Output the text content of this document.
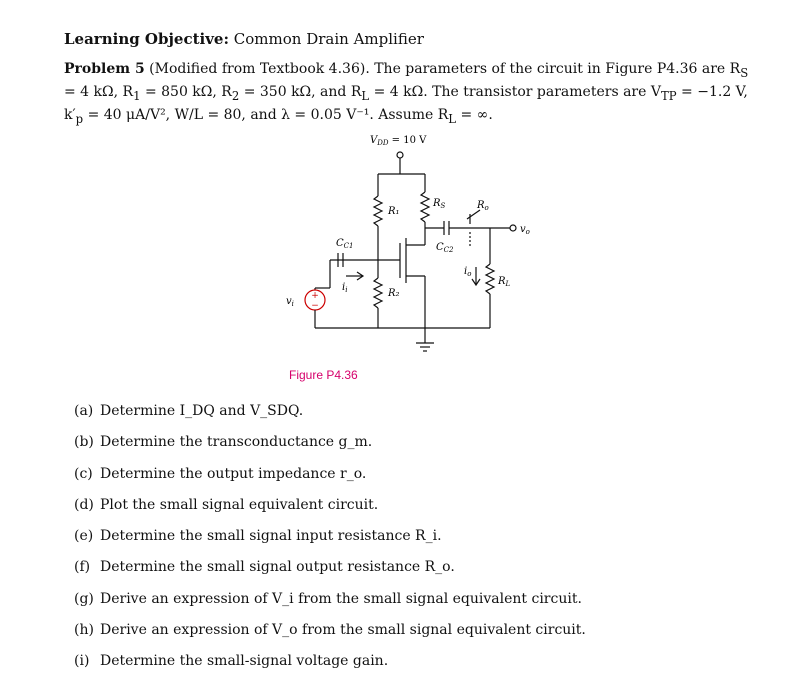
Learning Objective: Common Drain Amplifier
Problem 5 (Modified from Textbook 4.36). The parameters of the circuit in Figure P4.36 are $R_S = 4$ kΩ, $R_1 = 850$ kΩ, $R_2 = 350$ kΩ, and $R_L = 4$ kΩ. The transistor parameters are $V_{TP} = -1.2$ V, $k'_p = 40$ μA/V², W/L = 80, and λ = 0.05 V⁻¹. Assume $R_L$ = ∞.
+
−
$V_{DD} = 10$ V
R₁
R₂
$R_S$	$R_o$
$C_{C2}$
$C_{C1}$
$i_i$
$i_o$
$v_i$
$v_o$
$R_L$
Figure P4.36
(a) Determine I_DQ and V_SDQ.
(b) Determine the transconductance g_m.
(c) Determine the output impedance r_o.
(d) Plot the small signal equivalent circuit.
(e) Determine the small signal input resistance R_i.
(f) Determine the small signal output resistance R_o.
(g) Derive an expression of V_i from the small signal equivalent circuit.
(h) Derive an expression of V_o from the small signal equivalent circuit.
(i) Determine the small-signal voltage gain.
